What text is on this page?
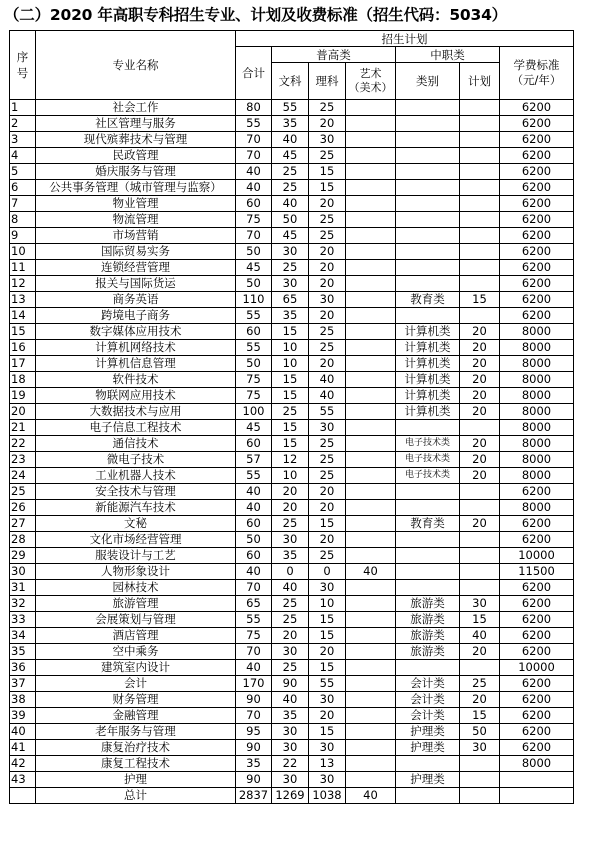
（二）2020 年高职专科招生专业、计划及收费标准（招生代码：5034）
序
号	专业名称	招生计划						
		合计	普高类			中职类		学费标准
（元/年）
			文科	理科	艺术
（美术）	类别	计划	
1	社会工作	80	55	25				6200
2	社区管理与服务	55	35	20				6200
3	现代殡葬技术与管理	70	40	30				6200
4	民政管理	70	45	25				6200
5	婚庆服务与管理	40	25	15				6200
6	公共事务管理（城市管理与监察）	40	25	15				6200
7	物业管理	60	40	20				6200
8	物流管理	75	50	25				6200
9	市场营销	70	45	25				6200
10	国际贸易实务	50	30	20				6200
11	连锁经营管理	45	25	20				6200
12	报关与国际货运	50	30	20				6200
13	商务英语	110	65	30		教育类	15	6200
14	跨境电子商务	55	35	20				6200
15	数字媒体应用技术	60	15	25		计算机类	20	8000
16	计算机网络技术	55	10	25		计算机类	20	8000
17	计算机信息管理	50	10	20		计算机类	20	8000
18	软件技术	75	15	40		计算机类	20	8000
19	物联网应用技术	75	15	40		计算机类	20	8000
20	大数据技术与应用	100	25	55		计算机类	20	8000
21	电子信息工程技术	45	15	30				8000
22	通信技术	60	15	25		电子技术类	20	8000
23	微电子技术	57	12	25		电子技术类	20	8000
24	工业机器人技术	55	10	25		电子技术类	20	8000
25	安全技术与管理	40	20	20				6200
26	新能源汽车技术	40	20	20				8000
27	文秘	60	25	15		教育类	20	6200
28	文化市场经营管理	50	30	20				6200
29	服装设计与工艺	60	35	25				10000
30	人物形象设计	40	0	0	40			11500
31	园林技术	70	40	30				6200
32	旅游管理	65	25	10		旅游类	30	6200
33	会展策划与管理	55	25	15		旅游类	15	6200
34	酒店管理	75	20	15		旅游类	40	6200
35	空中乘务	70	30	20		旅游类	20	6200
36	建筑室内设计	40	25	15				10000
37	会计	170	90	55		会计类	25	6200
38	财务管理	90	40	30		会计类	20	6200
39	金融管理	70	35	20		会计类	15	6200
40	老年服务与管理	95	30	15		护理类	50	6200
41	康复治疗技术	90	30	30		护理类	30	6200
42	康复工程技术	35	22	13				8000
43	护理	90	30	30		护理类		
	总计	2837	1269	1038	40			
